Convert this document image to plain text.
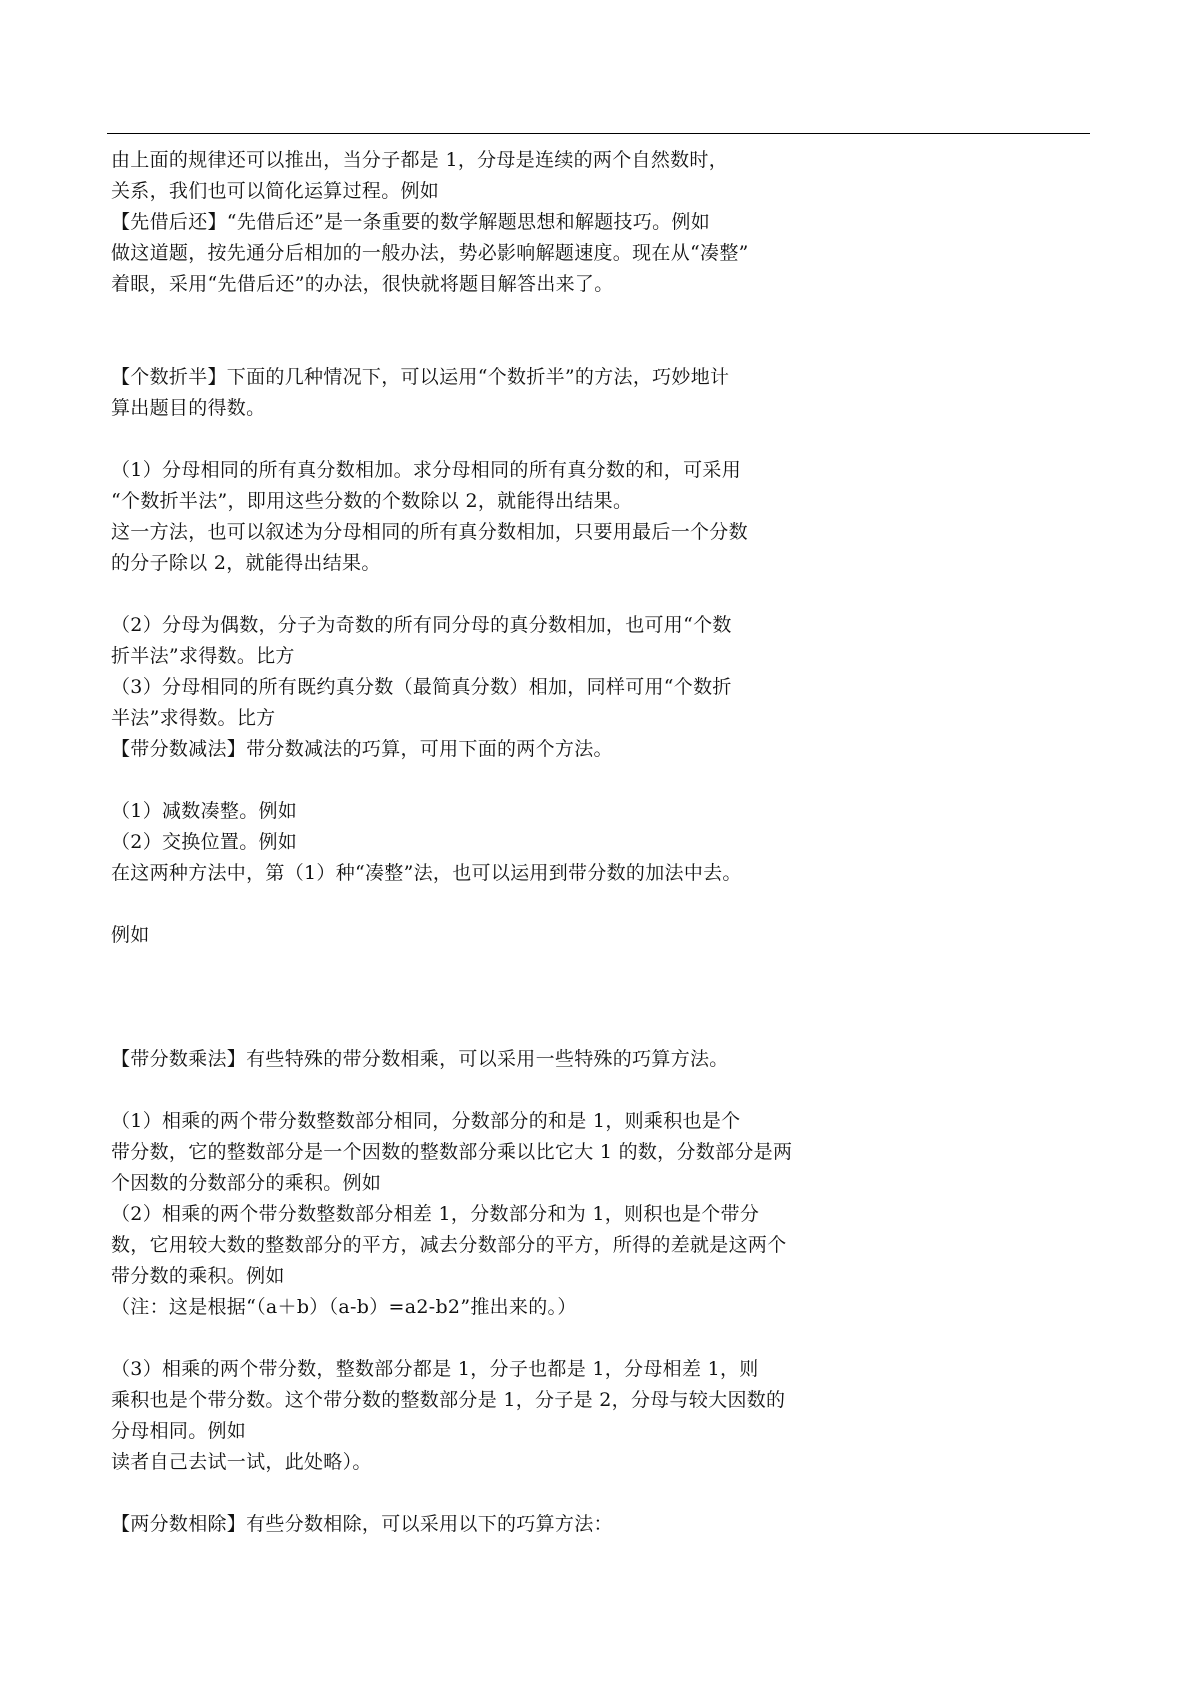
由上面的规律还可以推出，当分子都是 1，分母是连续的两个自然数时，
关系，我们也可以简化运算过程。例如
【先借后还】“先借后还”是一条重要的数学解题思想和解题技巧。例如
做这道题，按先通分后相加的一般办法，势必影响解题速度。现在从“凑整”
着眼，采用“先借后还”的办法，很快就将题目解答出来了。
【个数折半】下面的几种情况下，可以运用“个数折半”的方法，巧妙地计
算出题目的得数。
（1）分母相同的所有真分数相加。求分母相同的所有真分数的和，可采用
“个数折半法”，即用这些分数的个数除以 2，就能得出结果。
这一方法，也可以叙述为分母相同的所有真分数相加，只要用最后一个分数
的分子除以 2，就能得出结果。
（2）分母为偶数，分子为奇数的所有同分母的真分数相加，也可用“个数
折半法”求得数。比方
（3）分母相同的所有既约真分数（最简真分数）相加，同样可用“个数折
半法”求得数。比方
【带分数减法】带分数减法的巧算，可用下面的两个方法。
（1）减数凑整。例如
（2）交换位置。例如
在这两种方法中，第（1）种“凑整”法，也可以运用到带分数的加法中去。
例如
【带分数乘法】有些特殊的带分数相乘，可以采用一些特殊的巧算方法。
（1）相乘的两个带分数整数部分相同，分数部分的和是 1，则乘积也是个
带分数，它的整数部分是一个因数的整数部分乘以比它大 1 的数，分数部分是两
个因数的分数部分的乘积。例如
（2）相乘的两个带分数整数部分相差 1，分数部分和为 1，则积也是个带分
数，它用较大数的整数部分的平方，减去分数部分的平方，所得的差就是这两个
带分数的乘积。例如
（注：这是根据“（a＋b）（a-b）=a2-b2”推出来的。）
（3）相乘的两个带分数，整数部分都是 1，分子也都是 1，分母相差 1，则
乘积也是个带分数。这个带分数的整数部分是 1，分子是 2，分母与较大因数的
分母相同。例如
读者自己去试一试，此处略）。
【两分数相除】有些分数相除，可以采用以下的巧算方法：
